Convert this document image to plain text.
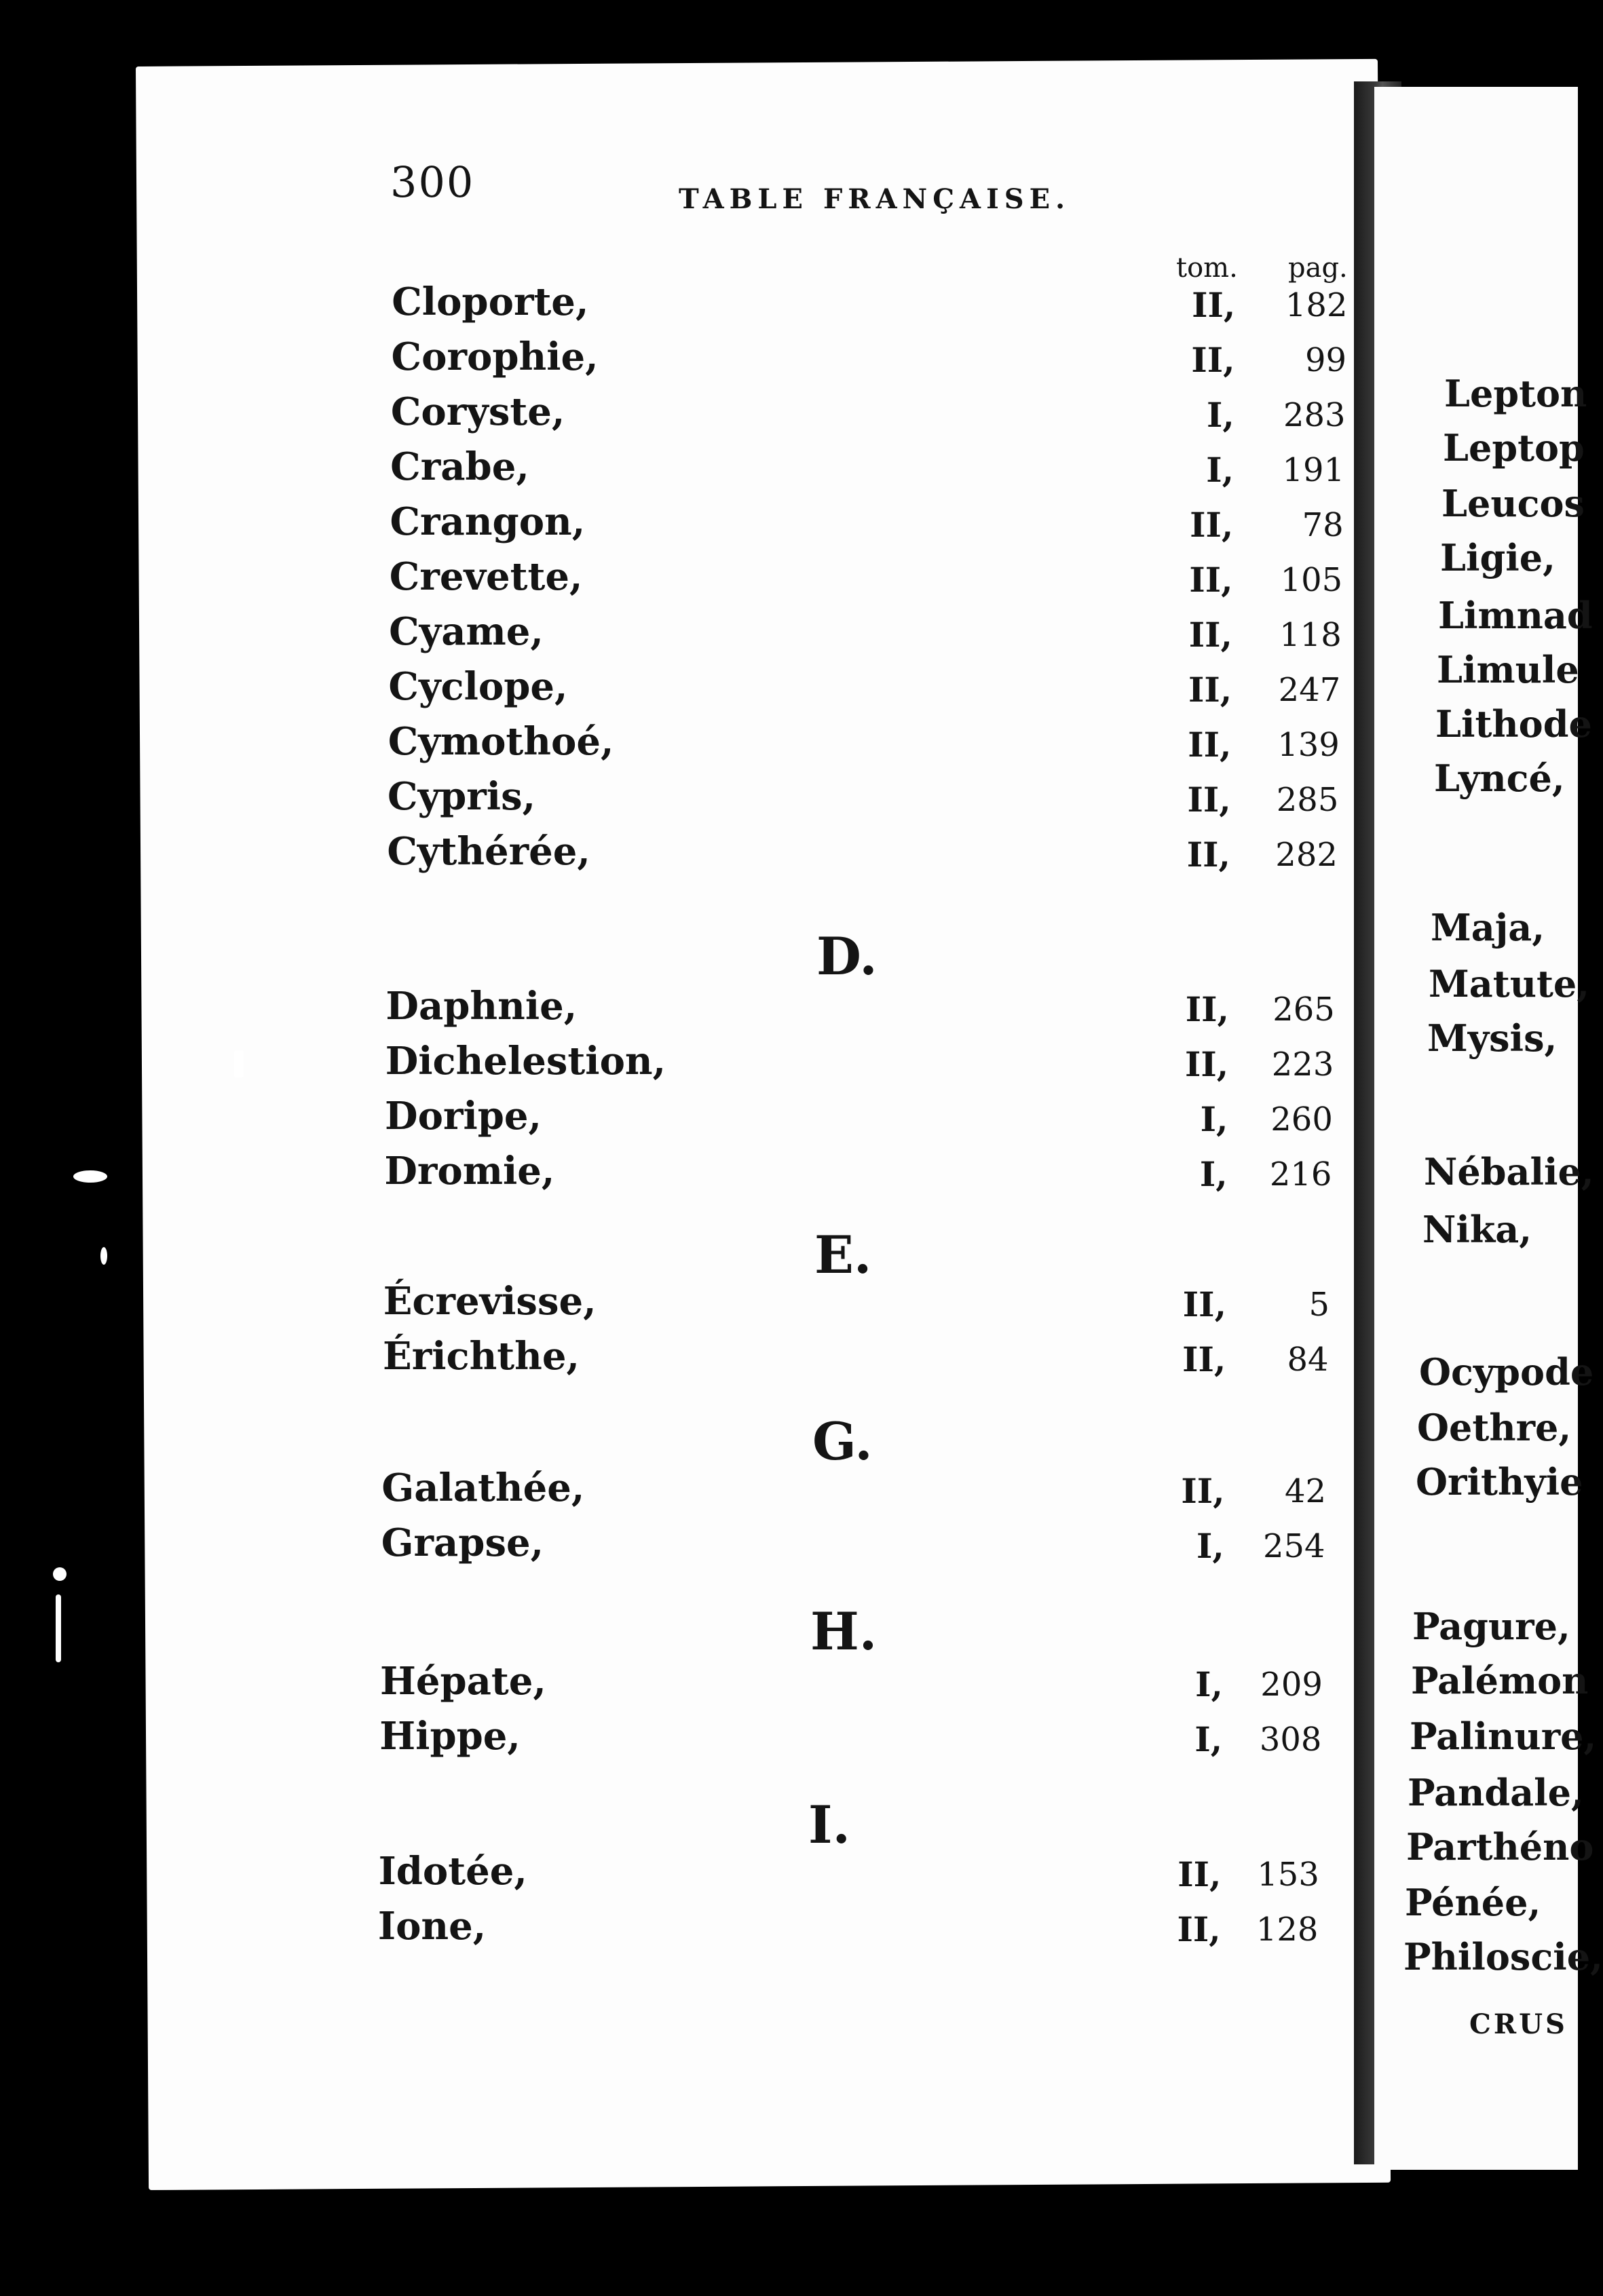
300	TABLE FRANÇAISE.
tom. pag.
Cloporte,	II,	182
Corophie,	II,	99
Coryste,	I,	283
Crabe,	I,	191
Crangon,	II,	78
Crevette,	II,	105
Cyame,	II,	118
Cyclope,	II,	247
Cymothoé,	II,	139
Cypris,	II,	285
Cythérée,	II,	282
D.
Daphnie,	II,	265
Dichelestion,	II,	223
Doripe,	I,	260
Dromie,	I,	216
E.
Écrevisse,	II,	5
Érichthe,	II,	84
G.
Galathée,	II,	42
Grapse,	I,	254
H.
Hépate,	I,	209
Hippe,	I,	308
I.
Idotée,	II,	153
Ione,	II,	128
Lepton
Leptop
Leucos
Ligie,
Limnad
Limule
Lithode
Lyncé,
Maja,
Matute,
Mysis,
Nébalie,
Nika,
Ocypode
Oethre,
Orithyie
Pagure,
Palémon
Palinure,
Pandale,
Parthéno
Pénée,
Philoscie,
CRUS
